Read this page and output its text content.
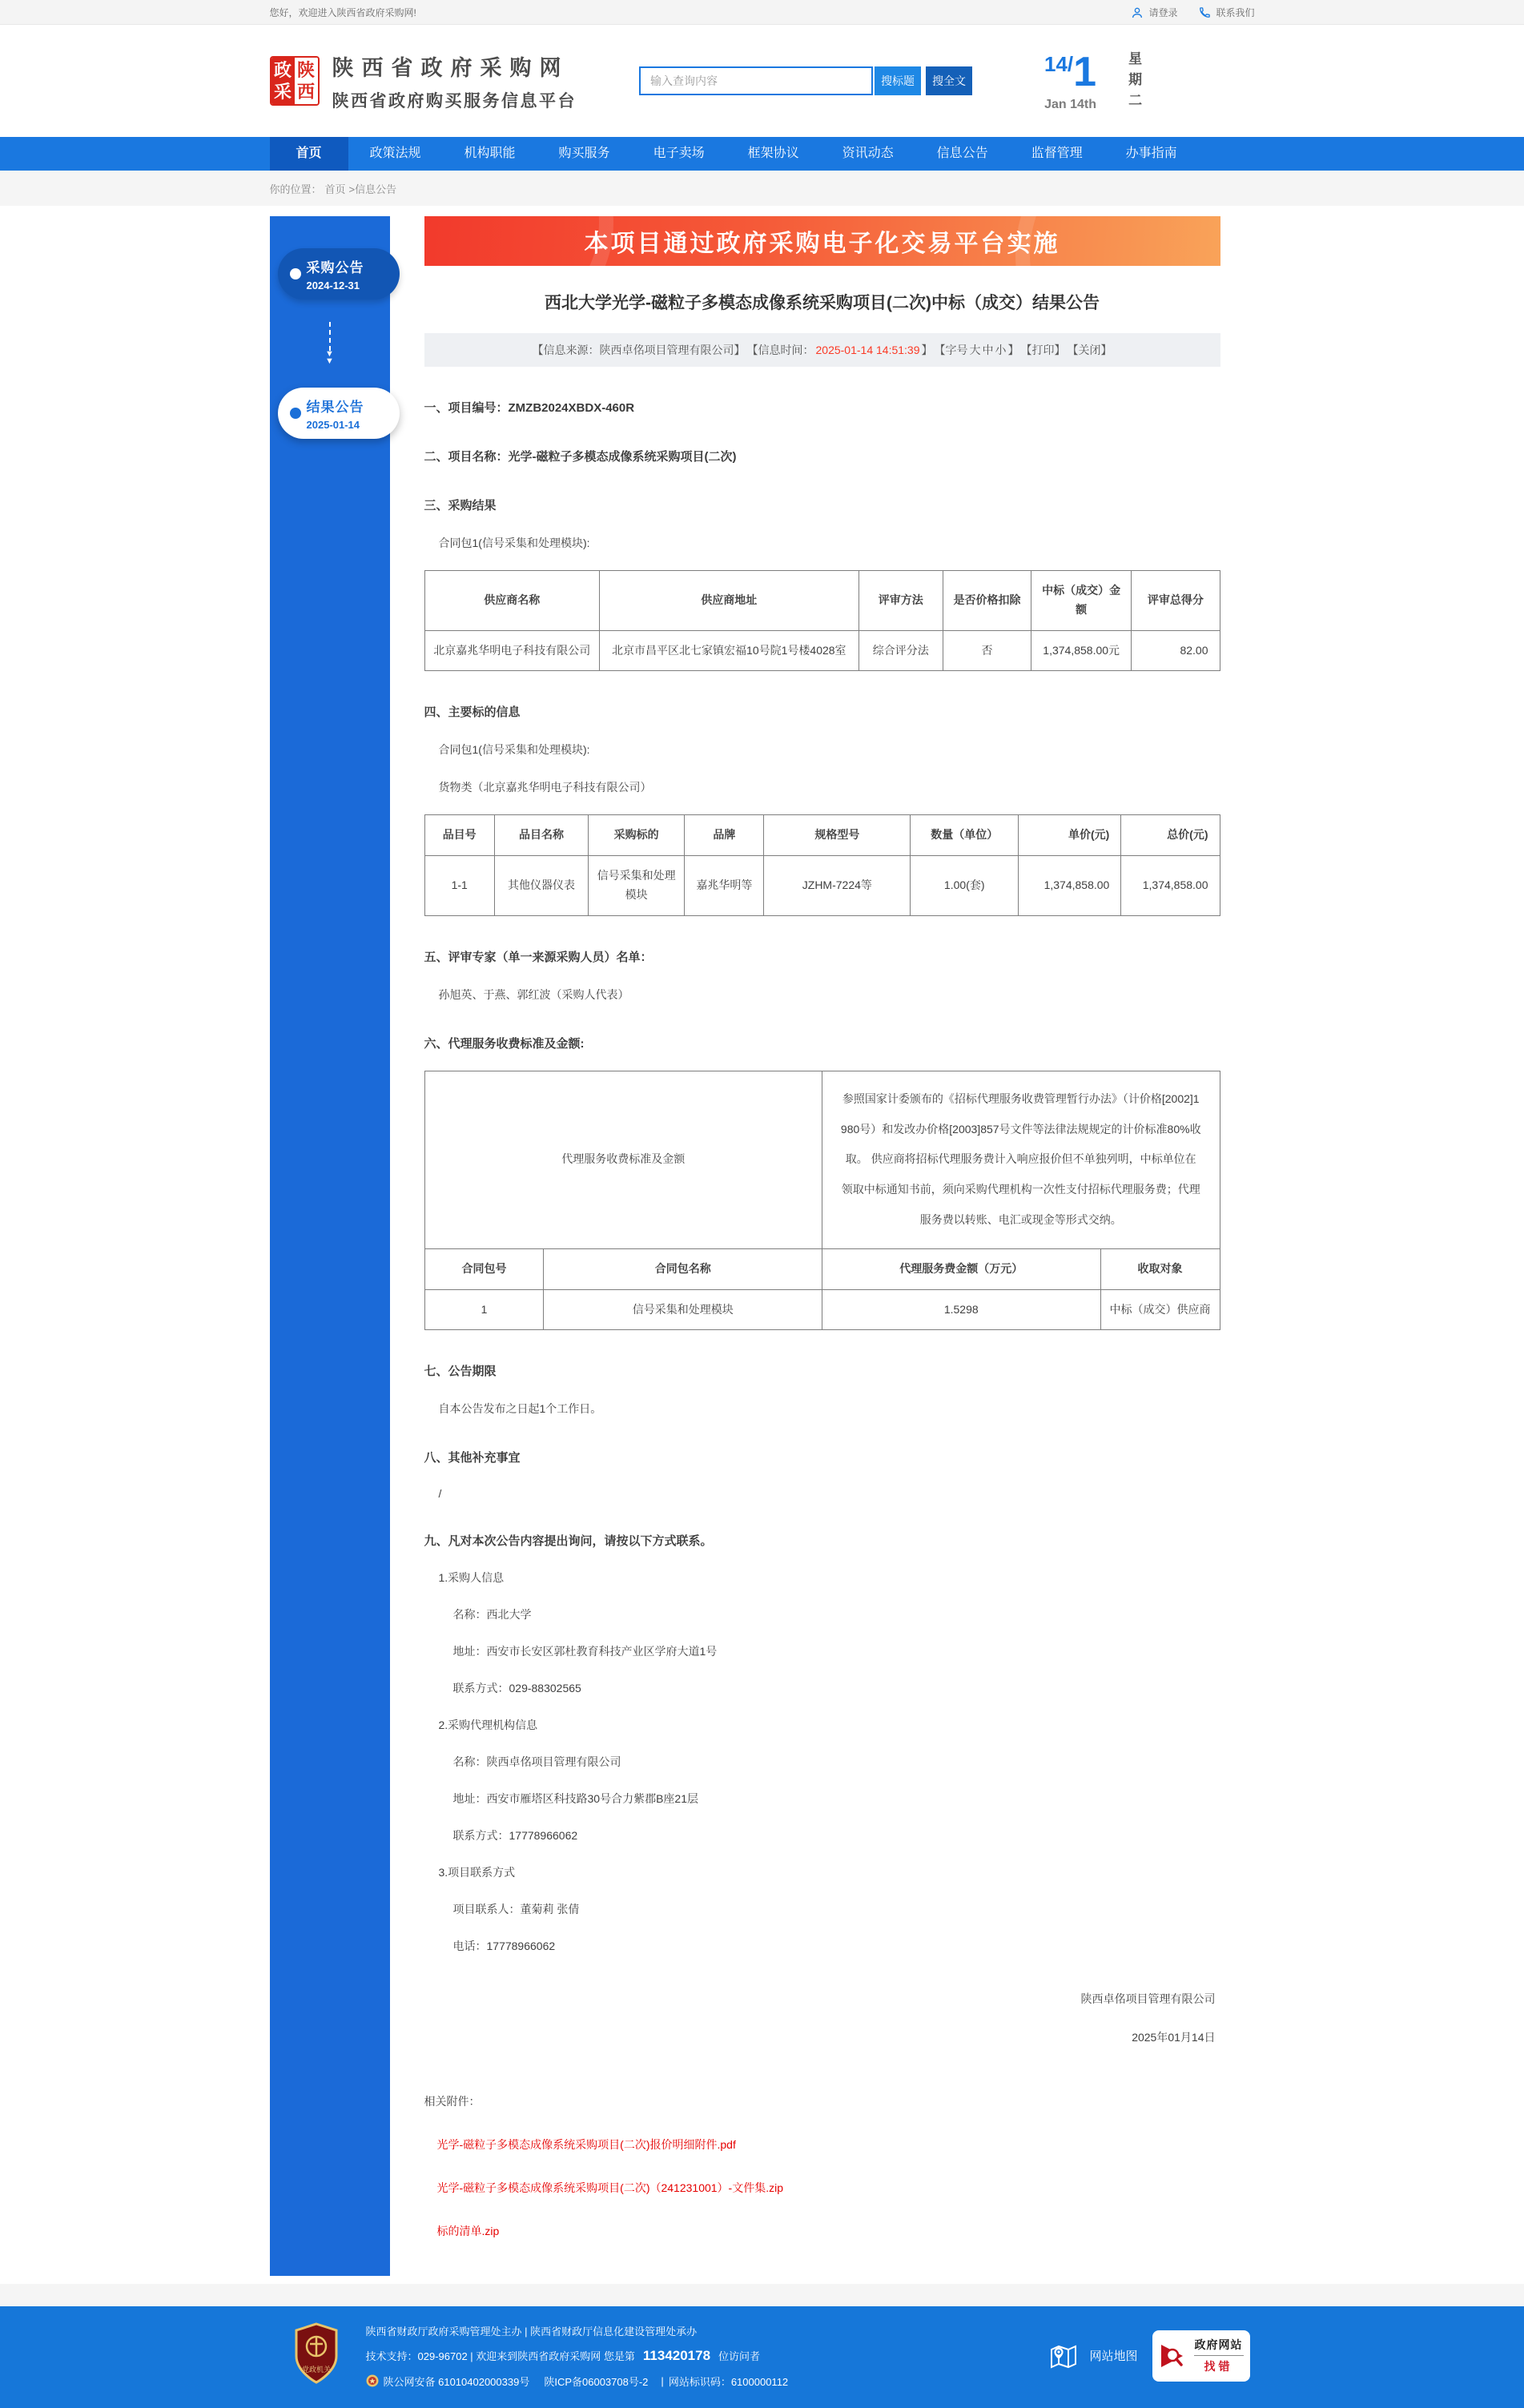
您好，欢迎进入陕西省政府采购网!	请登录	联系我们
政
采
陕
西
陕西省政府采购网
陕西省政府购买服务信息平台
输入查询内容
搜标题	搜全文
14/1
Jan 14th 星期二
首页	政策法规	机构职能	购买服务	电子卖场	框架协议	资讯动态	信息公告	监督管理	办事指南
你的位置： 首页 >信息公告
采购公告
2024-12-31
▼
▼
结果公告
2025-01-14
本项目通过政府采购电子化交易平台实施
西北大学光学-磁粒子多模态成像系统采购项目(二次)中标（成交）结果公告
【信息来源：陕西卓佲项目管理有限公司】 【信息时间： 2025-01-14 14:51:39 】 【字号 大 中 小 】 【打印】 【关闭】
一、项目编号：ZMZB2024XBDX-460R
二、项目名称：光学-磁粒子多模态成像系统采购项目(二次)
三、采购结果

合同包1(信号采集和处理模块):

供应商名称	供应商地址	评审方法	是否价格扣除	中标（成交）金额	评审总得分
北京嘉兆华明电子科技有限公司	北京市昌平区北七家镇宏福10号院1号楼4028室	综合评分法	否	1,374,858.00元	82.00
四、主要标的信息

合同包1(信号采集和处理模块):

货物类（北京嘉兆华明电子科技有限公司）

品目号	品目名称	采购标的	品牌	规格型号	数量（单位）	单价(元)	总价(元)
1-1	其他仪器仪表	信号采集和处理模块	嘉兆华明等	JZHM-7224等	1.00(套)	1,374,858.00	1,374,858.00
五、评审专家（单一来源采购人员）名单：

孙旭英、于燕、郭红波（采购人代表）

六、代理服务收费标准及金额:
代理服务收费标准及金额		参照国家计委颁布的《招标代理服务收费管理暂行办法》（计价格[2002]1980号）和发改办价格[2003]857号文件等法律法规规定的计价标准80%收取。 供应商将招标代理服务费计入响应报价但不单独列明，中标单位在领取中标通知书前，须向采购代理机构一次性支付招标代理服务费；代理服务费以转账、电汇或现金等形式交纳。	
合同包号	合同包名称	代理服务费金额（万元）	收取对象
1	信号采集和处理模块	1.5298	中标（成交）供应商
七、公告期限

自本公告发布之日起1个工作日。

八、其他补充事宜

/

九、凡对本次公告内容提出询问，请按以下方式联系。
1.采购人信息

名称：西北大学

地址：西安市长安区郭杜教育科技产业区学府大道1号

联系方式：029-88302565

2.采购代理机构信息

名称：陕西卓佲项目管理有限公司

地址：西安市雁塔区科技路30号合力紫郡B座21层

联系方式：17778966062

3.项目联系方式

项目联系人：董菊莉 张倩

电话：17778966062

陕西卓佲项目管理有限公司
2025年01月14日
相关附件：
光学-磁粒子多模态成像系统采购项目(二次)报价明细附件.pdf
光学-磁粒子多模态成像系统采购项目(二次)（241231001）-文件集.zip
标的清单.zip
党政机关
陕西省财政厅政府采购管理处主办 | 陕西省财政厅信息化建设管理处承办
技术支持：029-96702 | 欢迎来到陕西省政府采购网 您是第 113420178 位访问者
陕公网安备 61010402000339号 陕ICP备06003708号-2 | 网站标识码：6100000112
网站地图
政府网站
找错
